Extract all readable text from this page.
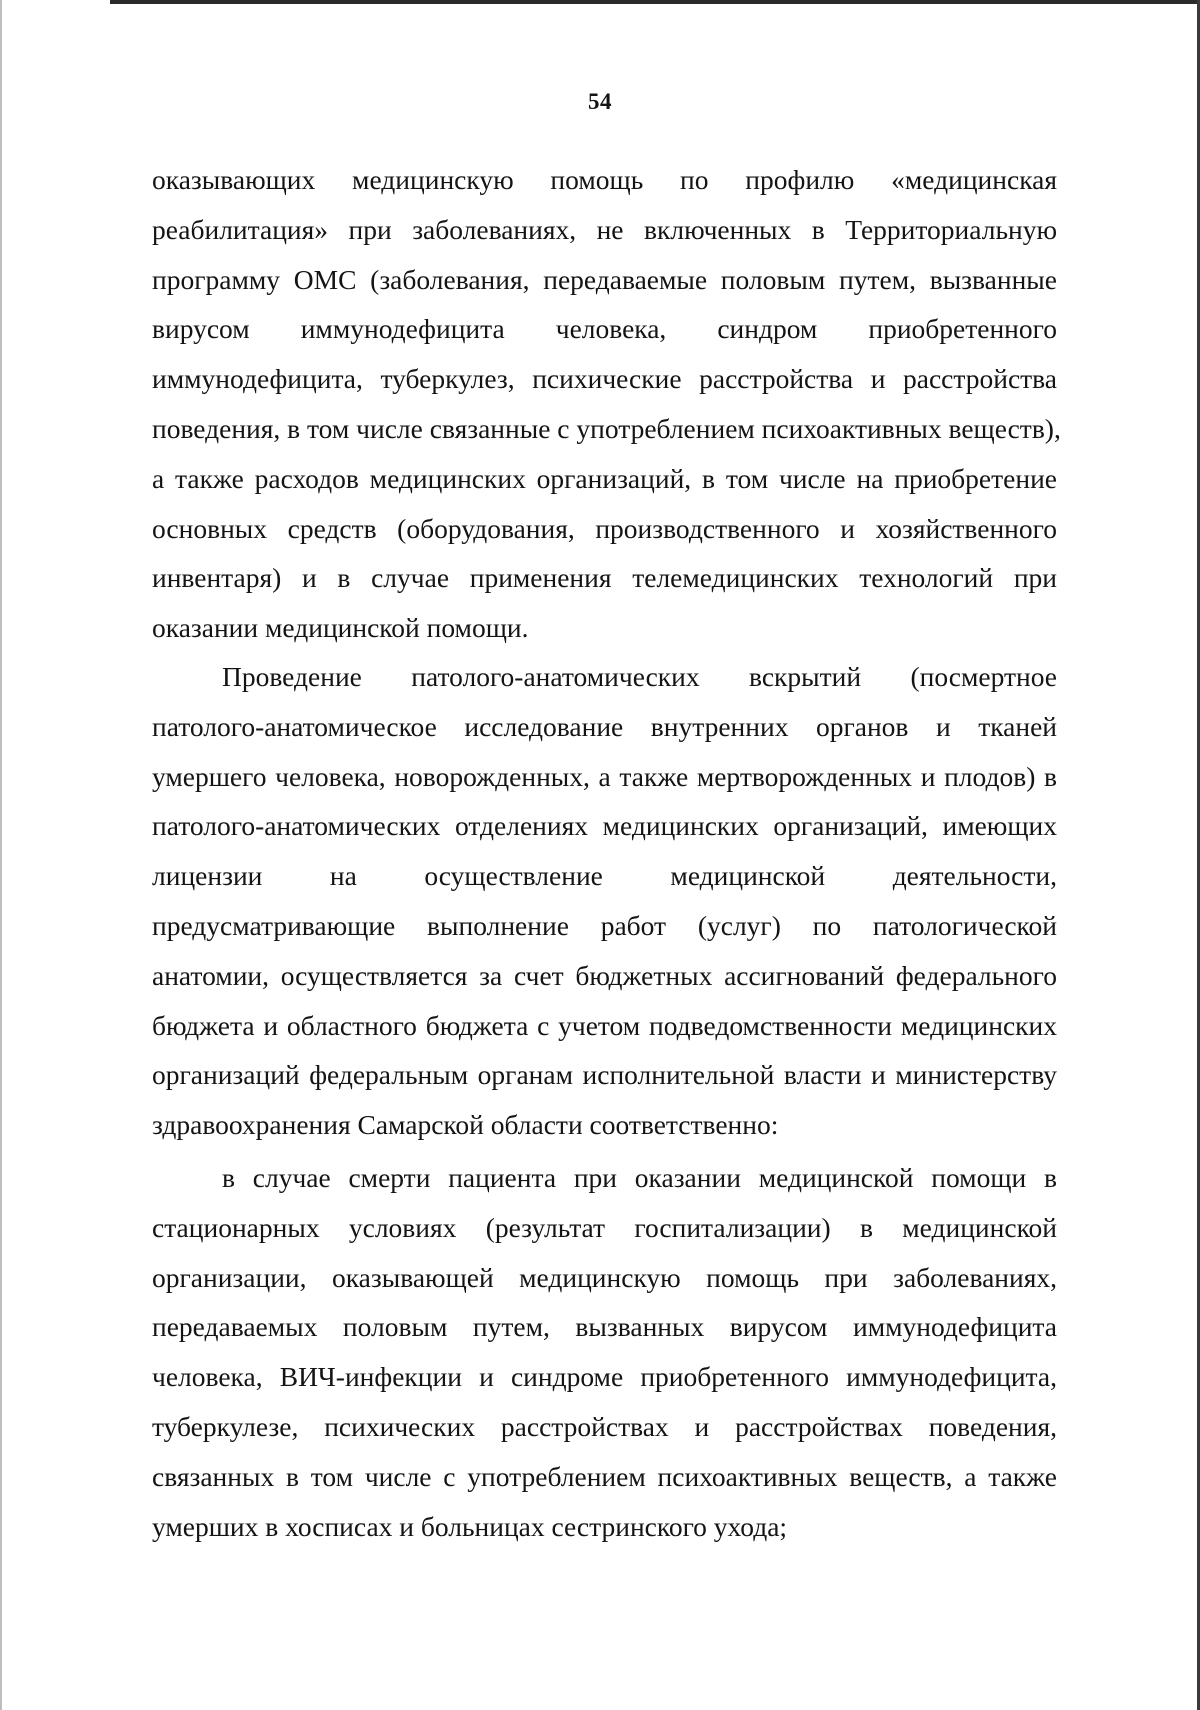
54

оказывающих медицинскую помощь по профилю «медицинская
реабилитация» при заболеваниях, не включенных в Территориальную
программу ОМС (заболевания, передаваемые половым путем, вызванные
вирусом иммунодефицита человека, синдром приобретенного
иммунодефицита, туберкулез, психические расстройства и расстройства
поведения, в том числе связанные с употреблением психоактивных веществ),
а также расходов медицинских организаций, в том числе на приобретение
основных средств (оборудования, производственного и хозяйственного
инвентаря) и в случае применения телемедицинских технологий при
оказании медицинской помощи.

Проведение патолого-анатомических вскрытий (посмертное
патолого-анатомическое исследование внутренних органов и тканей
умершего человека, новорожденных, а также мертворожденных и плодов) в
патолого-анатомических отделениях медицинских организаций, имеющих
лицензии на осуществление медицинской деятельности,
предусматривающие выполнение работ (услуг) по патологической
анатомии, осуществляется за счет бюджетных ассигнований федерального
бюджета и областного бюджета с учетом подведомственности медицинских
организаций федеральным органам исполнительной власти и министерству
здравоохранения Самарской области соответственно:

в случае смерти пациента при оказании медицинской помощи в
стационарных условиях (результат госпитализации) в медицинской
организации, оказывающей медицинскую помощь при заболеваниях,
передаваемых половым путем, вызванных вирусом иммунодефицита
человека, ВИЧ-инфекции и синдроме приобретенного иммунодефицита,
туберкулезе, психических расстройствах и расстройствах поведения,
связанных в том числе с употреблением психоактивных веществ, а также
умерших в хосписах и больницах сестринского ухода;
